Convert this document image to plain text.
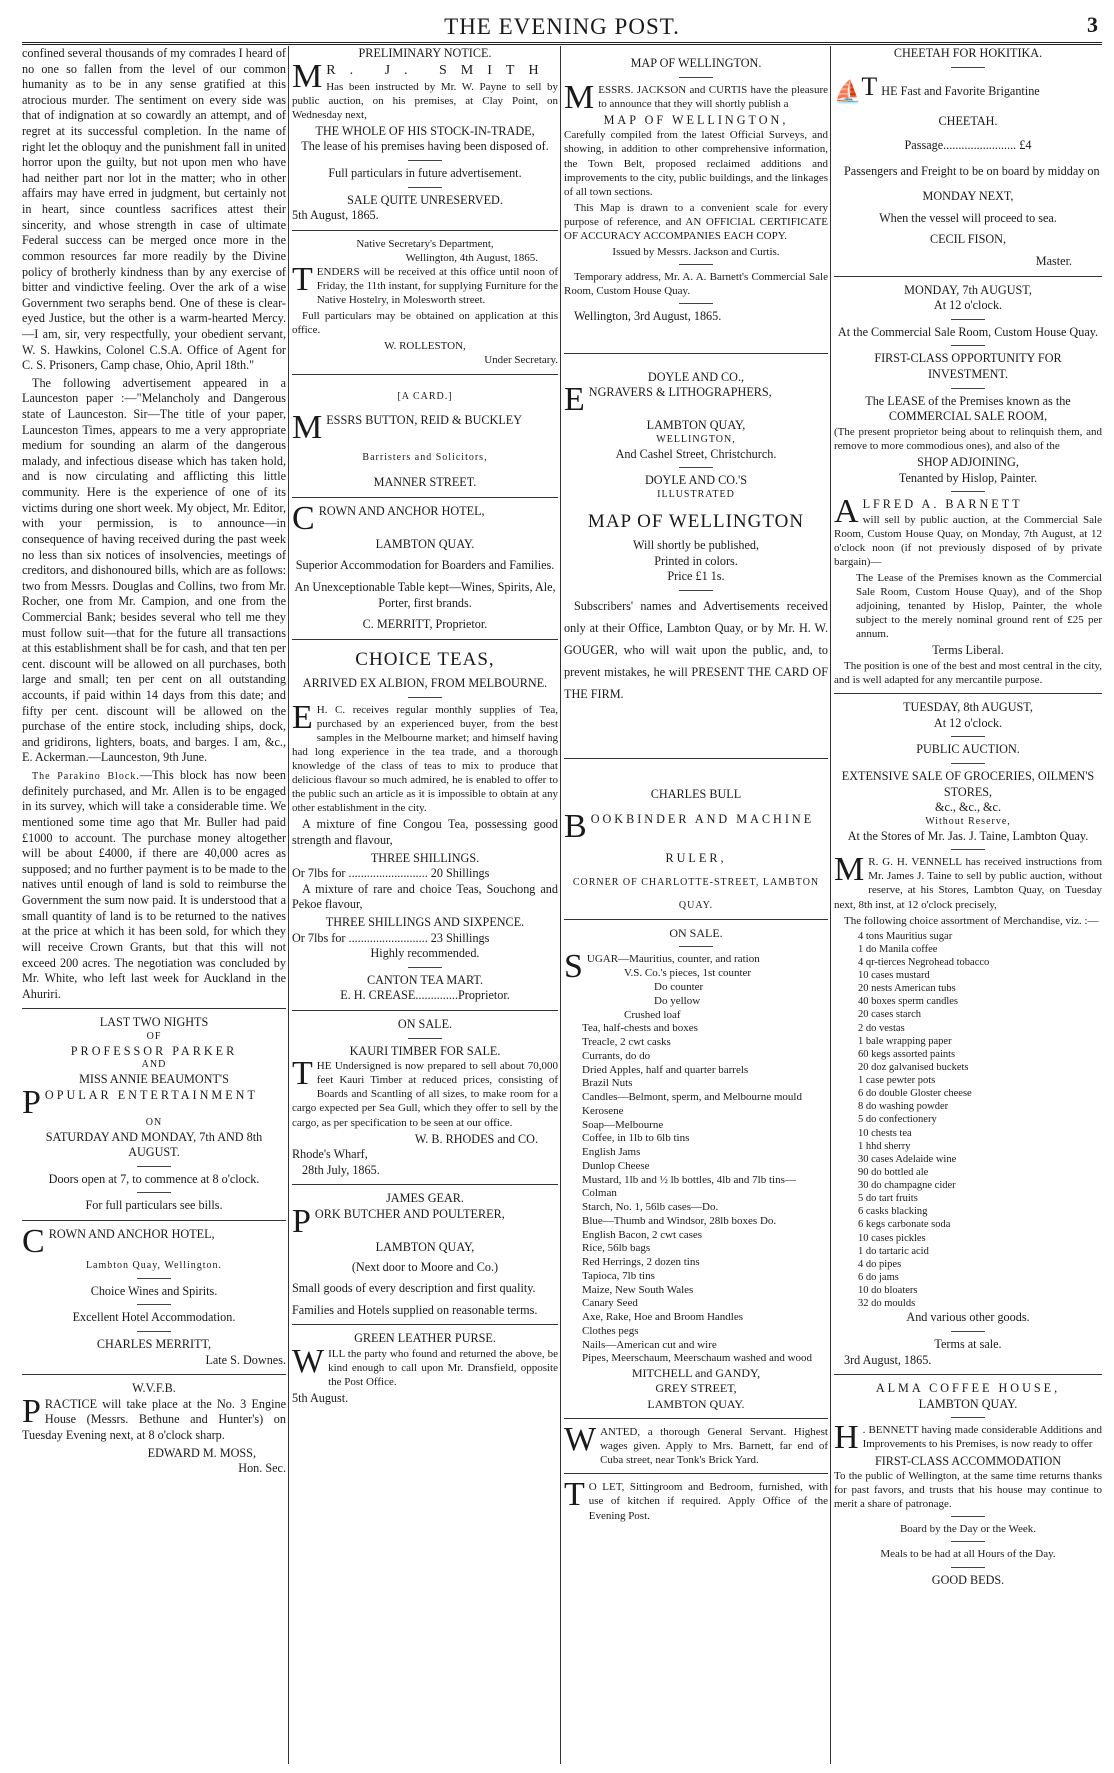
THE EVENING POST.	3

confined several thousands of my comrades I heard of no one so fallen from the level of our common humanity as to be in any sense gratified at this atrocious murder. The sentiment on every side was that of indignation at so cowardly an attempt, and of regret at its successful completion. In the name of right let the obloquy and the punishment fall in united horror upon the guilty, but not upon men who have had neither part nor lot in the matter; who in other affairs may have erred in judgment, but certainly not in heart, since countless sacrifices attest their sincerity, and whose strength in case of ultimate Federal success can be merged once more in the common resources far more readily by the Divine policy of brotherly kindness than by any exercise of bitter and vindictive feeling. Over the ark of a wise Government two seraphs bend. One of these is clear-eyed Justice, but the other is a warm-hearted Mercy.—I am, sir, very respectfully, your obedient servant, W. S. Hawkins, Colonel C.S.A. Office of Agent for C. S. Prisoners, Camp chase, Ohio, April 18th."

The following advertisement appeared in a Launceston paper :—"Melancholy and Dangerous state of Launceston. Sir—The title of your paper, Launceston Times, appears to me a very appropriate medium for sounding an alarm of the dangerous malady, and infectious disease which has taken hold, and is now circulating and afflicting this little community. Here is the experience of one of its victims during one short week. My object, Mr. Editor, with your permission, is to announce—in consequence of having received during the past week no less than six notices of insolvencies, meetings of creditors, and dishonoured bills, which are as follows: two from Messrs. Douglas and Collins, two from Mr. Rocher, one from Mr. Campion, and one from the Commercial Bank; besides several who tell me they must follow suit—that for the future all transactions at this establishment shall be for cash, and that ten per cent. discount will be allowed on all purchases, both large and small; ten per cent on all outstanding accounts, if paid within 14 days from this date; and fifty per cent. discount will be allowed on the purchase of the entire stock, including ships, dock, and gridirons, lighters, boats, and barges. I am, &c., E. Ackerman.—Launceston, 9th June.

The Parakino Block.—This block has now been definitely purchased, and Mr. Allen is to be engaged in its survey, which will take a considerable time. We mentioned some time ago that Mr. Buller had paid £1000 to account. The purchase money altogether will be about £4000, if there are 40,000 acres as supposed; and no further payment is to be made to the natives until enough of land is sold to reimburse the Government the sum now paid. It is understood that a small quantity of land is to be returned to the natives at the price at which it has been sold, for which they will receive Crown Grants, but that this will not exceed 200 acres. The negotiation was concluded by Mr. White, who left last week for Auckland in the Ahuriri.

LAST TWO NIGHTS
OF
PROFESSOR PARKER
AND
MISS ANNIE BEAUMONT'S
POPULAR ENTERTAINMENT
ON
SATURDAY AND MONDAY, 7th AND 8th
AUGUST.
Doors open at 7, to commence at 8 o'clock.
For full particulars see bills.
CROWN AND ANCHOR HOTEL,
Lambton Quay, Wellington.
Choice Wines and Spirits.
Excellent Hotel Accommodation.
CHARLES MERRITT,
Late S. Downes.
W.V.F.B.

PRACTICE will take place at the No. 3 Engine House (Messrs. Bethune and Hunter's) on Tuesday Evening next, at 8 o'clock sharp.

EDWARD M. MOSS,
Hon. Sec.
PRELIMINARY NOTICE.
M R. J. SMITH

Has been instructed by Mr. W. Payne to sell by public auction, on his premises, at Clay Point, on Wednesday next,

THE WHOLE OF HIS STOCK-IN-TRADE,
The lease of his premises having been disposed of.
Full particulars in future advertisement.
SALE QUITE UNRESERVED.
5th August, 1865.
Native Secretary's Department,
Wellington, 4th August, 1865.

TENDERS will be received at this office until noon of Friday, the 11th instant, for supplying Furniture for the Native Hostelry, in Molesworth street.

Full particulars may be obtained on application at this office.

W. ROLLESTON,
Under Secretary.
[A CARD.]
MESSRS BUTTON, REID & BUCKLEY
Barristers and Solicitors,
MANNER STREET.
CROWN AND ANCHOR HOTEL,
LAMBTON QUAY.
Superior Accommodation for Boarders and Families.
An Unexceptionable Table kept—Wines, Spirits, Ale, Porter, first brands.
C. MERRITT, Proprietor.
CHOICE TEAS,
ARRIVED EX ALBION, FROM MELBOURNE.

E H. C. receives regular monthly supplies of Tea, purchased by an experienced buyer, from the best samples in the Melbourne market; and himself having had long experience in the tea trade, and a thorough knowledge of the class of teas to mix to produce that delicious flavour so much admired, he is enabled to offer to the public such an article as it is impossible to obtain at any other establishment in the city.

A mixture of fine Congou Tea, possessing good strength and flavour,

THREE SHILLINGS.
Or 7lbs for .......................... 20 Shillings

A mixture of rare and choice Teas, Souchong and Pekoe flavour,

THREE SHILLINGS AND SIXPENCE.
Or 7lbs for .......................... 23 Shillings
Highly recommended.
CANTON TEA MART.
E. H. CREASE..............Proprietor.
ON SALE.
KAURI TIMBER FOR SALE.

THE Undersigned is now prepared to sell about 70,000 feet Kauri Timber at reduced prices, consisting of Boards and Scantling of all sizes, to make room for a cargo expected per Sea Gull, which they offer to sell by the cargo, as per specification to be seen at our office.

W. B. RHODES and CO.
Rhode's Wharf,
28th July, 1865.
JAMES GEAR.
PORK BUTCHER AND POULTERER,
LAMBTON QUAY,
(Next door to Moore and Co.)

Small goods of every description and first quality.

Families and Hotels supplied on reasonable terms.

GREEN LEATHER PURSE.

WILL the party who found and returned the above, be kind enough to call upon Mr. Dransfield, opposite the Post Office.

5th August.
MAP OF WELLINGTON.

MESSRS. JACKSON and CURTIS have the pleasure to announce that they will shortly publish a

MAP OF WELLINGTON,

Carefully compiled from the latest Official Surveys, and showing, in addition to other comprehensive information, the Town Belt, proposed reclaimed additions and improvements to the city, public buildings, and the linkages of all town sections.

This Map is drawn to a convenient scale for every purpose of reference, and AN OFFICIAL CERTIFICATE OF ACCURACY ACCOMPANIES EACH COPY.

Issued by Messrs. Jackson and Curtis.

Temporary address, Mr. A. A. Barnett's Commercial Sale Room, Custom House Quay.

Wellington, 3rd August, 1865.
DOYLE AND CO.,
ENGRAVERS & LITHOGRAPHERS,
LAMBTON QUAY,
WELLINGTON,
And Cashel Street, Christchurch.
DOYLE AND CO.'S
ILLUSTRATED
MAP OF WELLINGTON
Will shortly be published,
Printed in colors.
Price £1 1s.

Subscribers' names and Advertisements received only at their Office, Lambton Quay, or by Mr. H. W. GOUGER, who will wait upon the public, and, to prevent mistakes, he will PRESENT THE CARD OF THE FIRM.

CHARLES BULL
BOOKBINDER AND MACHINE
RULER,
CORNER OF CHARLOTTE-STREET, LAMBTON
QUAY.
ON SALE.
SUGAR—Mauritius, counter, and ration
V.S. Co.'s pieces, 1st counter
Do counter
Do yellow
Crushed loaf
Tea, half-chests and boxes
Treacle, 2 cwt casks
Currants, do do
Dried Apples, half and quarter barrels
Brazil Nuts
Candles—Belmont, sperm, and Melbourne mould
Kerosene
Soap—Melbourne
Coffee, in 1lb to 6lb tins
English Jams
Dunlop Cheese
Mustard, 1lb and ½ lb bottles, 4lb and 7lb tins—Colman
Starch, No. 1, 56lb cases—Do.
Blue—Thumb and Windsor, 28lb boxes Do.
English Bacon, 2 cwt cases
Rice, 56lb bags
Red Herrings, 2 dozen tins
Tapioca, 7lb tins
Maize, New South Wales
Canary Seed
Axe, Rake, Hoe and Broom Handles
Clothes pegs
Nails—American cut and wire
Pipes, Meerschaum, Meerschaum washed and wood
MITCHELL and GANDY,
GREY STREET,
LAMBTON QUAY.

WANTED, a thorough General Servant. Highest wages given. Apply to Mrs. Barnett, far end of Cuba street, near Tonk's Brick Yard.

T O LET, Sittingroom and Bedroom, furnished, with use of kitchen if required. Apply Office of the Evening Post.

CHEETAH FOR HOKITIKA.
⛵T HE Fast and Favorite Brigantine
CHEETAH.
Passage........................ £4

Passengers and Freight to be on board by midday on

MONDAY NEXT,
When the vessel will proceed to sea.
CECIL FISON,
Master.
MONDAY, 7th AUGUST,
At 12 o'clock.
At the Commercial Sale Room, Custom House Quay.
FIRST-CLASS OPPORTUNITY FOR INVESTMENT.
The LEASE of the Premises known as the COMMERCIAL SALE ROOM,

(The present proprietor being about to relinquish them, and remove to more commodious ones), and also of the

SHOP ADJOINING,
Tenanted by Hislop, Painter.
ALFRED A. BARNETT

will sell by public auction, at the Commercial Sale Room, Custom House Quay, on Monday, 7th August, at 12 o'clock noon (if not previously disposed of by private bargain)—

The Lease of the Premises known as the Commercial Sale Room, Custom House Quay), and of the Shop adjoining, tenanted by Hislop, Painter, the whole subject to the merely nominal ground rent of £25 per annum.

Terms Liberal.

The position is one of the best and most central in the city, and is well adapted for any mercantile purpose.

TUESDAY, 8th AUGUST,
At 12 o'clock.
PUBLIC AUCTION.
EXTENSIVE SALE OF GROCERIES, OILMEN'S STORES,
&c., &c., &c.
Without Reserve,
At the Stores of Mr. Jas. J. Taine, Lambton Quay.

M R. G. H. VENNELL has received instructions from Mr. James J. Taine to sell by public auction, without reserve, at his Stores, Lambton Quay, on Tuesday next, 8th inst, at 12 o'clock precisely,

The following choice assortment of Merchandise, viz. :—

4 tons Mauritius sugar
1 do Manila coffee
4 qr-tierces Negrohead tobacco
10 cases mustard
20 nests American tubs
40 boxes sperm candles
20 cases starch
2 do vestas
1 bale wrapping paper
60 kegs assorted paints
20 doz galvanised buckets
1 case pewter pots
6 do double Gloster cheese
8 do washing powder
5 do confectionery
10 chests tea
1 hhd sherry
30 cases Adelaide wine
90 do bottled ale
30 do champagne cider
5 do tart fruits
6 casks blacking
6 kegs carbonate soda
10 cases pickles
1 do tartaric acid
4 do pipes
6 do jams
10 do bloaters
32 do moulds
And various other goods.
Terms at sale.
3rd August, 1865.
ALMA COFFEE HOUSE,
LAMBTON QUAY.

H . BENNETT having made considerable Additions and Improvements to his Premises, is now ready to offer

FIRST-CLASS ACCOMMODATION

To the public of Wellington, at the same time returns thanks for past favors, and trusts that his house may continue to merit a share of patronage.

Board by the Day or the Week.
Meals to be had at all Hours of the Day.
GOOD BEDS.
